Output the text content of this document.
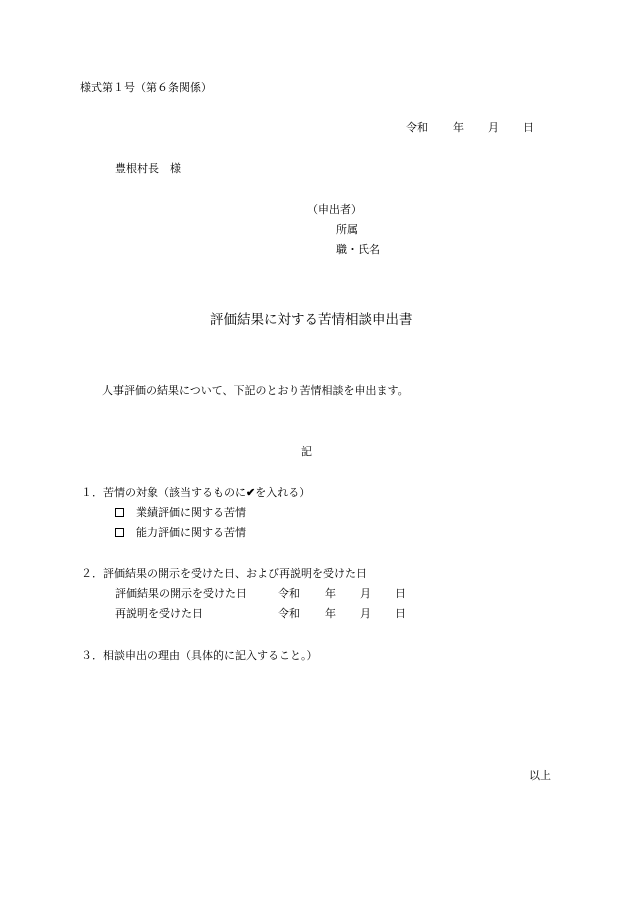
様式第１号（第６条関係）
令和 年 月 日
豊根村長　様
（申出者）
所属
職・氏名
評価結果に対する苦情相談申出書
人事評価の結果について、下記のとおり苦情相談を申出ます。
記
１．苦情の対象（該当するものに✔を入れる）
業績評価に関する苦情
能力評価に関する苦情
２．評価結果の開示を受けた日、および再説明を受けた日
評価結果の開示を受けた日	令和 年 月 日
再説明を受けた日	令和 年 月 日
３．相談申出の理由（具体的に記入すること。）
以上
